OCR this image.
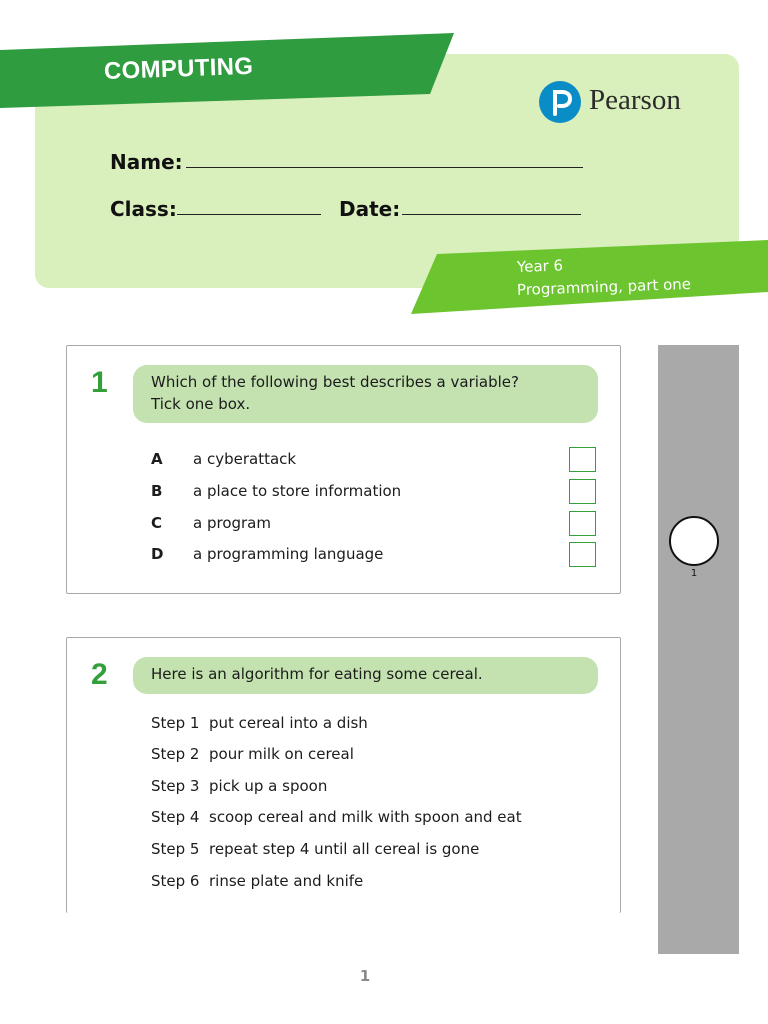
COMPUTING
Pearson
Name:
Class:	Date:
Year 6
Programming, part one
1
1	Which of the following best describes a variable?
Tick one box.
A a cyberattack
B a place to store information
C a program
D a programming language
2	Here is an algorithm for eating some cereal.
Step 1 put cereal into a dish
Step 2 pour milk on cereal
Step 3 pick up a spoon
Step 4 scoop cereal and milk with spoon and eat
Step 5 repeat step 4 until all cereal is gone
Step 6 rinse plate and knife
1
